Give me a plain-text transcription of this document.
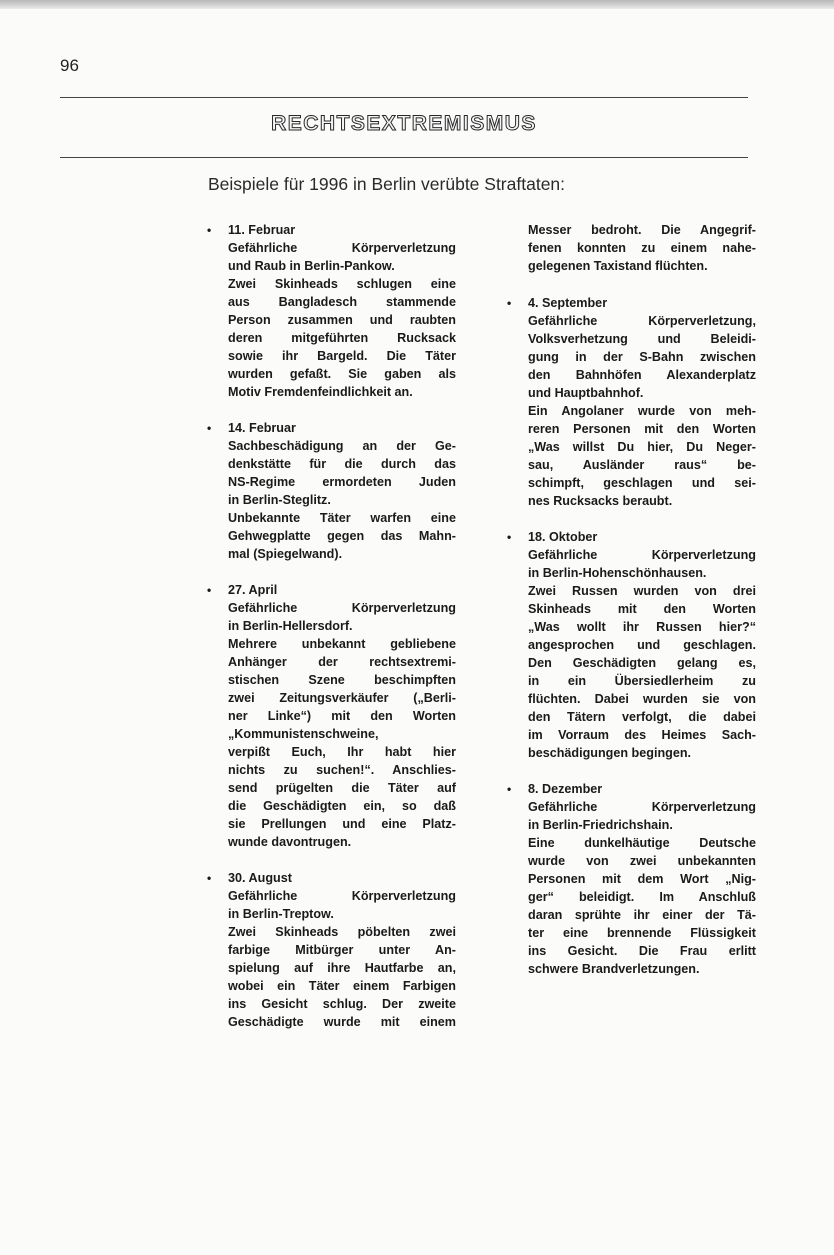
96
RECHTSEXTREMISMUS
Beispiele für 1996 in Berlin verübte Straftaten:
• 11. Februar
Gefährliche Körperverletzung
und Raub in Berlin-Pankow.
Zwei Skinheads schlugen eine
aus Bangladesch stammende
Person zusammen und raubten
deren mitgeführten Rucksack
sowie ihr Bargeld. Die Täter
wurden gefaßt. Sie gaben als
Motiv Fremdenfeindlichkeit an.
• 14. Februar
Sachbeschädigung an der Ge-
denkstätte für die durch das
NS-Regime ermordeten Juden
in Berlin-Steglitz.
Unbekannte Täter warfen eine
Gehwegplatte gegen das Mahn-
mal (Spiegelwand).
• 27. April
Gefährliche Körperverletzung
in Berlin-Hellersdorf.
Mehrere unbekannt gebliebene
Anhänger der rechtsextremi-
stischen Szene beschimpften
zwei Zeitungsverkäufer („Berli-
ner Linke“) mit den Worten
„Kommunistenschweine,
verpißt Euch, Ihr habt hier
nichts zu suchen!“. Anschlies-
send prügelten die Täter auf
die Geschädigten ein, so daß
sie Prellungen und eine Platz-
wunde davontrugen.
• 30. August
Gefährliche Körperverletzung
in Berlin-Treptow.
Zwei Skinheads pöbelten zwei
farbige Mitbürger unter An-
spielung auf ihre Hautfarbe an,
wobei ein Täter einem Farbigen
ins Gesicht schlug. Der zweite
Geschädigte wurde mit einem
Messer bedroht. Die Angegrif-
fenen konnten zu einem nahe-
gelegenen Taxistand flüchten.
• 4. September
Gefährliche Körperverletzung,
Volksverhetzung und Beleidi-
gung in der S-Bahn zwischen
den Bahnhöfen Alexanderplatz
und Hauptbahnhof.
Ein Angolaner wurde von meh-
reren Personen mit den Worten
„Was willst Du hier, Du Neger-
sau, Ausländer raus“ be-
schimpft, geschlagen und sei-
nes Rucksacks beraubt.
• 18. Oktober
Gefährliche Körperverletzung
in Berlin-Hohenschönhausen.
Zwei Russen wurden von drei
Skinheads mit den Worten
„Was wollt ihr Russen hier?“
angesprochen und geschlagen.
Den Geschädigten gelang es,
in ein Übersiedlerheim zu
flüchten. Dabei wurden sie von
den Tätern verfolgt, die dabei
im Vorraum des Heimes Sach-
beschädigungen begingen.
• 8. Dezember
Gefährliche Körperverletzung
in Berlin-Friedrichshain.
Eine dunkelhäutige Deutsche
wurde von zwei unbekannten
Personen mit dem Wort „Nig-
ger“ beleidigt. Im Anschluß
daran sprühte ihr einer der Tä-
ter eine brennende Flüssigkeit
ins Gesicht. Die Frau erlitt
schwere Brandverletzungen.
